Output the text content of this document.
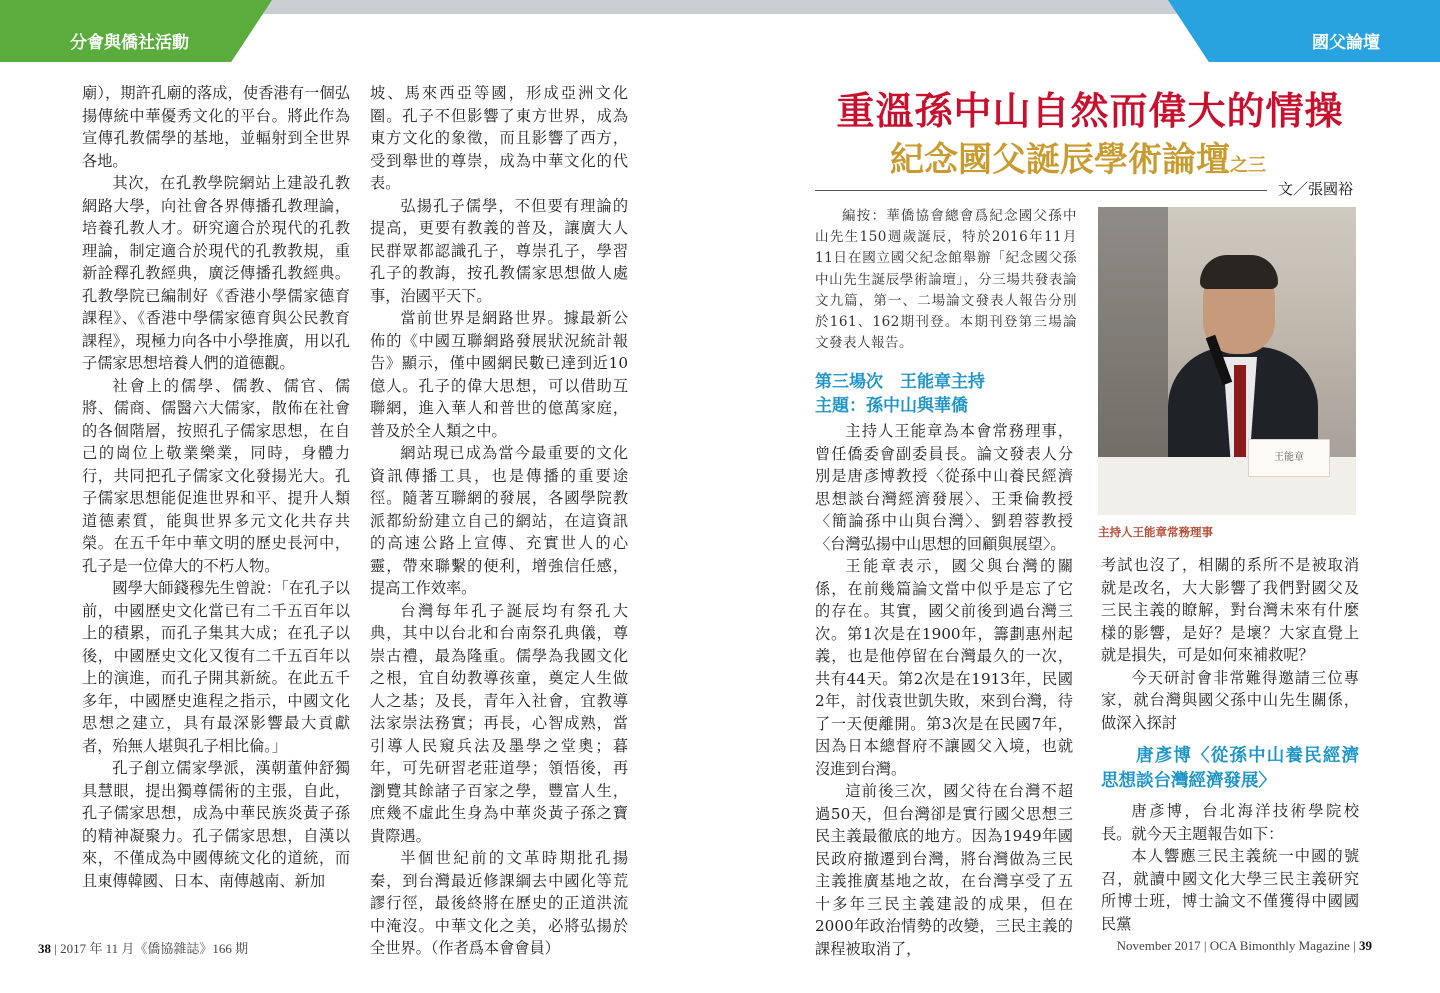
分會與僑社活動	國父論壇

廟），期許孔廟的落成，使香港有一個弘揚傳統中華優秀文化的平台。將此作為宣傳孔教儒學的基地，並輻射到全世界各地。

其次，在孔教學院網站上建設孔教網路大學，向社會各界傳播孔教理論，培養孔教人才。研究適合於現代的孔教理論，制定適合於現代的孔教教規，重新詮釋孔教經典，廣泛傳播孔教經典。孔教學院已編制好《香港小學儒家德育課程》、《香港中學儒家德育與公民教育課程》，現極力向各中小學推廣，用以孔子儒家思想培養人們的道德觀。

社會上的儒學、儒教、儒官、儒將、儒商、儒醫六大儒家，散佈在社會的各個階層，按照孔子儒家思想，在自己的崗位上敬業樂業，同時，身體力行，共同把孔子儒家文化發揚光大。孔子儒家思想能促進世界和平、提升人類道德素質，能與世界多元文化共存共榮。在五千年中華文明的歷史長河中，孔子是一位偉大的不朽人物。

國學大師錢穆先生曾說：「在孔子以前，中國歷史文化當已有二千五百年以上的積累，而孔子集其大成；在孔子以後，中國歷史文化又復有二千五百年以上的演進，而孔子開其新統。在此五千多年，中國歷史進程之指示，中國文化思想之建立，具有最深影響最大貢獻者，殆無人堪與孔子相比倫。」

孔子創立儒家學派，漢朝董仲舒獨具慧眼，提出獨尊儒術的主張，自此，孔子儒家思想，成為中華民族炎黃子孫的精神凝聚力。孔子儒家思想，自漢以來，不僅成為中國傳統文化的道統，而且東傳韓國、日本、南傳越南、新加

坡、馬來西亞等國，形成亞洲文化圈。孔子不但影響了東方世界，成為東方文化的象徵，而且影響了西方，受到舉世的尊崇，成為中華文化的代表。

弘揚孔子儒學，不但要有理論的提高，更要有教義的普及，讓廣大人民群眾都認識孔子，尊崇孔子，學習孔子的教誨，按孔教儒家思想做人處事，治國平天下。

當前世界是網路世界。據最新公佈的《中國互聯網路發展狀況統計報告》顯示，僅中國網民數已達到近10億人。孔子的偉大思想，可以借助互聯網，進入華人和普世的億萬家庭，普及於全人類之中。

網站現已成為當今最重要的文化資訊傳播工具，也是傳播的重要途徑。隨著互聯網的發展，各國學院教派都紛紛建立自己的網站，在這資訊的高速公路上宣傳、充實世人的心靈，帶來聯繫的便利，增強信任感，提高工作效率。

台灣每年孔子誕辰均有祭孔大典，其中以台北和台南祭孔典儀，尊崇古禮，最為隆重。儒學為我國文化之根，宜自幼教導孩童，奠定人生做人之基；及長，青年入社會，宜教導法家崇法務實；再長，心智成熟，當引導人民窺兵法及墨學之堂奧；暮年，可先研習老莊道學；領悟後，再瀏覽其餘諸子百家之學，豐富人生，庶幾不虛此生身為中華炎黃子孫之寶貴際遇。

半個世紀前的文革時期批孔揚秦，到台灣最近修課綱去中國化等荒謬行徑，最後終將在歷史的正道洪流中淹沒。中華文化之美，必將弘揚於全世界。（作者爲本會會員）

重溫孫中山自然而偉大的情操
紀念國父誕辰學術論壇之三
文／張國裕
編按：華僑協會總會爲紀念國父孫中山先生150週歲誕辰，特於2016年11月11日在國立國父紀念館舉辦「紀念國父孫中山先生誕辰學術論壇」，分三場共發表論文九篇，第一、二場論文發表人報告分別於161、162期刊登。本期刊登第三場論文發表人報告。
王能章
主持人王能章常務理事

第三場次　王能章主持

主題：孫中山與華僑

主持人王能章為本會常務理事，曾任僑委會副委員長。論文發表人分別是唐彥博教授〈從孫中山養民經濟思想談台灣經濟發展〉、王秉倫教授〈簡論孫中山與台灣〉、劉碧蓉教授〈台灣弘揚中山思想的回顧與展望〉。

王能章表示，國父與台灣的關係，在前幾篇論文當中似乎是忘了它的存在。其實，國父前後到過台灣三次。第1次是在1900年，籌劃惠州起義，也是他停留在台灣最久的一次，共有44天。第2次是在1913年，民國2年，討伐袁世凱失敗，來到台灣，待了一天便離開。第3次是在民國7年，因為日本總督府不讓國父入境，也就沒進到台灣。

這前後三次，國父待在台灣不超過50天，但台灣卻是實行國父思想三民主義最徹底的地方。因為1949年國民政府撤遷到台灣，將台灣做為三民主義推廣基地之故，在台灣享受了五十多年三民主義建設的成果，但在2000年政治情勢的改變，三民主義的課程被取消了，

考試也沒了，相關的系所不是被取消就是改名，大大影響了我們對國父及三民主義的瞭解，對台灣未來有什麼樣的影響，是好？是壞？大家直覺上就是損失，可是如何來補救呢？

今天研討會非常難得邀請三位專家，就台灣與國父孫中山先生關係，做深入探討

唐彥博〈從孫中山養民經濟思想談台灣經濟發展〉

唐彥博，台北海洋技術學院校長。就今天主題報告如下：

本人響應三民主義統一中國的號召，就讀中國文化大學三民主義研究所博士班，博士論文不僅獲得中國國民黨

38 | 2017 年 11 月《僑協雜誌》166 期	November 2017 | OCA Bimonthly Magazine | 39
